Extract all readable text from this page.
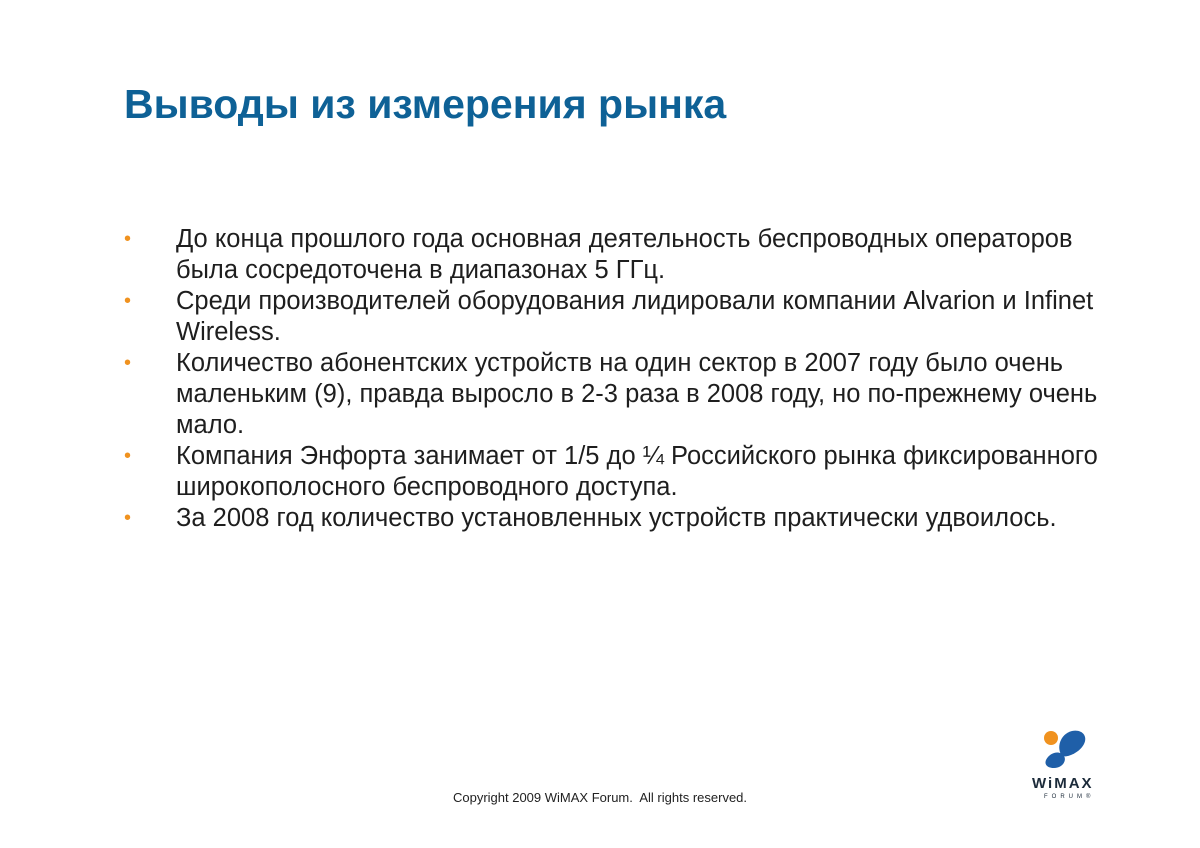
Выводы из измерения рынка
• До конца прошлого года основная деятельность беспроводных операторов была сосредоточена в диапазонах 5 ГГц.
• Среди производителей оборудования лидировали компании Alvarion и Infinet Wireless.
• Количество абонентских устройств на один сектор в 2007 году было очень маленьким (9), правда выросло в 2-3 раза в 2008 году, но по-прежнему очень мало.
• Компания Энфорта занимает от 1/5 до ¼ Российского рынка фиксированного широкополосного беспроводного доступа.
• За 2008 год количество установленных устройств практически удвоилось.
Copyright 2009 WiMAX Forum.  All rights reserved.
WiMAX
FORUM®
